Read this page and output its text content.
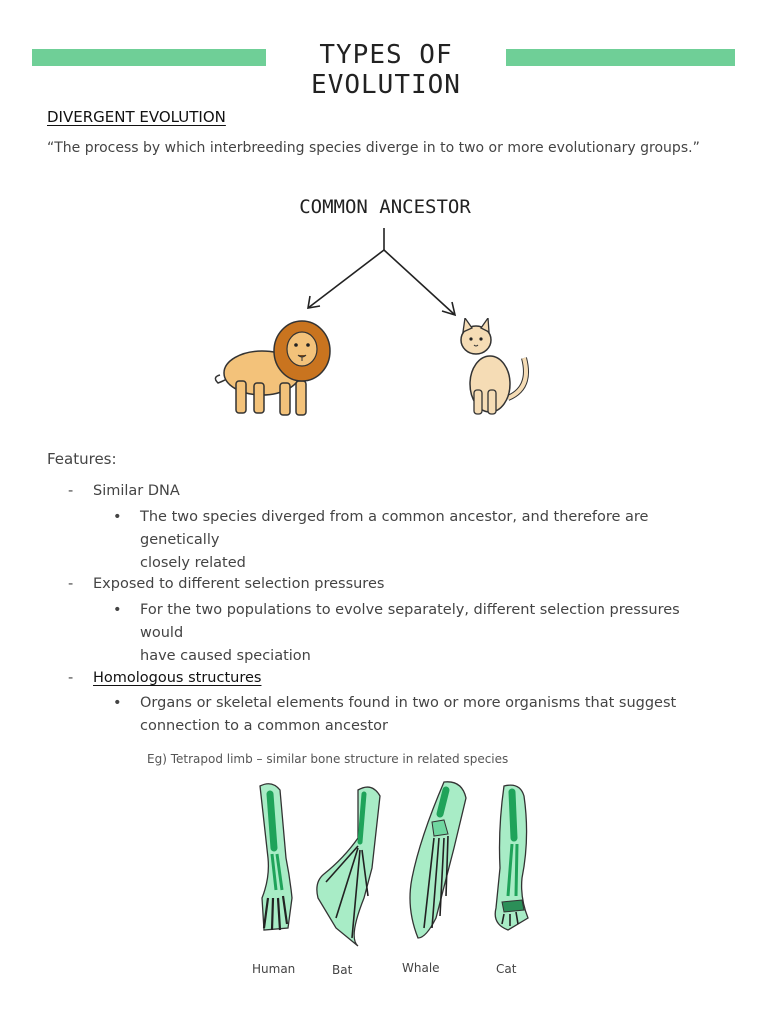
TYPES OF EVOLUTION
DIVERGENT EVOLUTION
“The process by which interbreeding species diverge in to two or more evolutionary groups.”
COMMON ANCESTOR
Features:
- Similar DNA
• The two species diverged from a common ancestor, and therefore are genetically
closely related
- Exposed to different selection pressures
• For the two populations to evolve separately, different selection pressures would
have caused speciation
- Homologous structures
• Organs or skeletal elements found in two or more organisms that suggest
connection to a common ancestor
Eg) Tetrapod limb – similar bone structure in related species
Human	Bat	Whale	Cat
